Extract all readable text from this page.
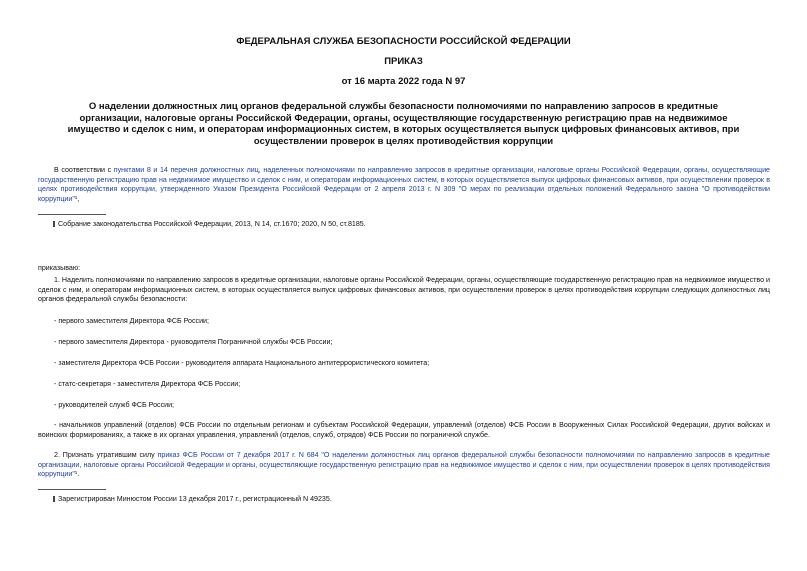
ФЕДЕРАЛЬНАЯ СЛУЖБА БЕЗОПАСНОСТИ РОССИЙСКОЙ ФЕДЕРАЦИИ
ПРИКАЗ
от 16 марта 2022 года N 97
О наделении должностных лиц органов федеральной службы безопасности полномочиями по направлению запросов в кредитные организации, налоговые органы Российской Федерации, органы, осуществляющие государственную регистрацию прав на недвижимое имущество и сделок с ним, и операторам информационных систем, в которых осуществляется выпуск цифровых финансовых активов, при осуществлении проверок в целях противодействия коррупции
В соответствии с пунктами 8 и 14 перечня должностных лиц, наделенных полномочиями по направлению запросов в кредитные организации, налоговые органы Российской Федерации, органы, осуществляющие государственную регистрацию прав на недвижимое имущество и сделок с ним, и операторам информационных систем, в которых осуществляется выпуск цифровых финансовых активов, при осуществлении проверок в целях противодействия коррупции, утвержденного Указом Президента Российской Федерации от 2 апреля 2013 г. N 309 "О мерах по реализации отдельных положений Федерального закона "О противодействии коррупции"¹,
Собрание законодательства Российской Федерации, 2013, N 14, ст.1670; 2020, N 50, ст.8185.
приказываю:
1. Наделить полномочиями по направлению запросов в кредитные организации, налоговые органы Российской Федерации, органы, осуществляющие государственную регистрацию прав на недвижимое имущество и сделок с ним, и операторам информационных систем, в которых осуществляется выпуск цифровых финансовых активов, при осуществлении проверок в целях противодействия коррупции следующих должностных лиц органов федеральной службы безопасности:
- первого заместителя Директора ФСБ России;
- первого заместителя Директора - руководителя Пограничной службы ФСБ России;
- заместителя Директора ФСБ России - руководителя аппарата Национального антитеррористического комитета;
- статс-секретаря - заместителя Директора ФСБ России;
- руководителей служб ФСБ России;
- начальников управлений (отделов) ФСБ России по отдельным регионам и субъектам Российской Федерации, управлений (отделов) ФСБ России в Вооруженных Силах Российской Федерации, других войсках и воинских формированиях, а также в их органах управления, управлений (отделов, служб, отрядов) ФСБ России по пограничной службе.
2. Признать утратившим силу приказ ФСБ России от 7 декабря 2017 г. N 684 "О наделении должностных лиц органов федеральной службы безопасности полномочиями по направлению запросов в кредитные организации, налоговые органы Российской Федерации и органы, осуществляющие государственную регистрацию прав на недвижимое имущество и сделок с ним, при осуществлении проверок в целях противодействия коррупции"¹.
Зарегистрирован Минюстом России 13 декабря 2017 г., регистрационный N 49235.
